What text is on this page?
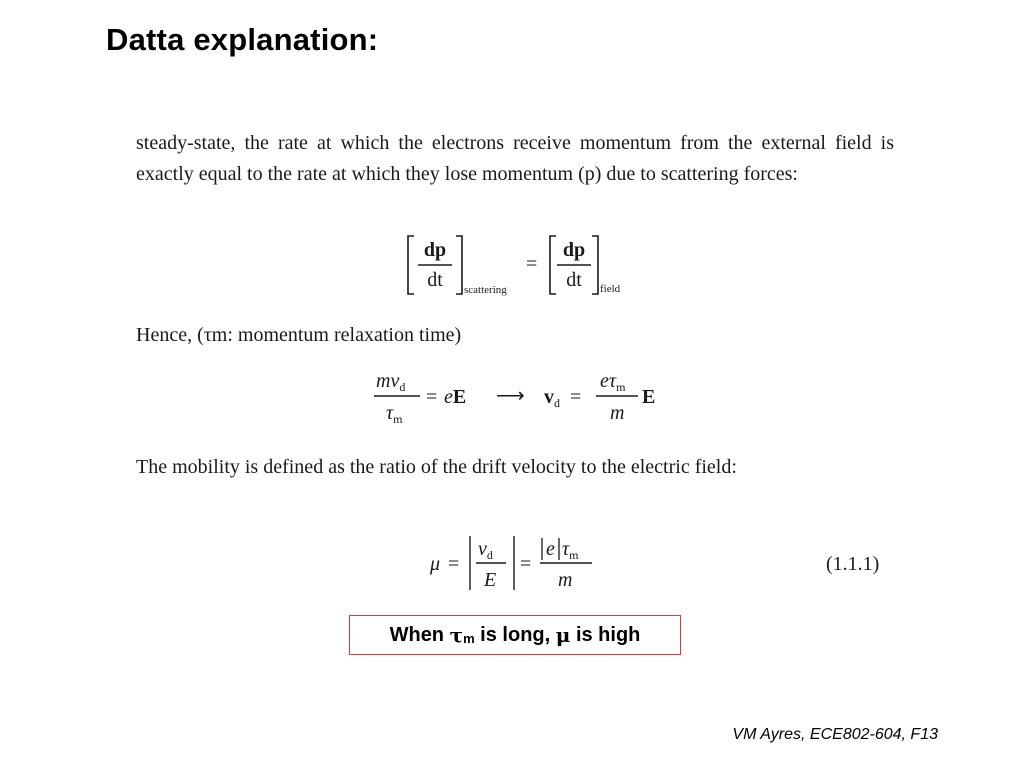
Datta explanation:
steady-state, the rate at which the electrons receive momentum from the external field is exactly equal to the rate at which they lose momentum (p) due to scattering forces:
dp
dt scattering
=
dp
dt field
Hence, (τm: momentum relaxation time)
$mv_d$
$\tau_m$
= eE ⟶ $v_d$ =
$e\tau_m$
m
E
The mobility is defined as the ratio of the drift velocity to the electric field:
μ =
$v_d$
E
=
e $\tau_m$
m
(1.1.1)
When $\tau_m$ is long, μ is high
VM Ayres, ECE802-604, F13
